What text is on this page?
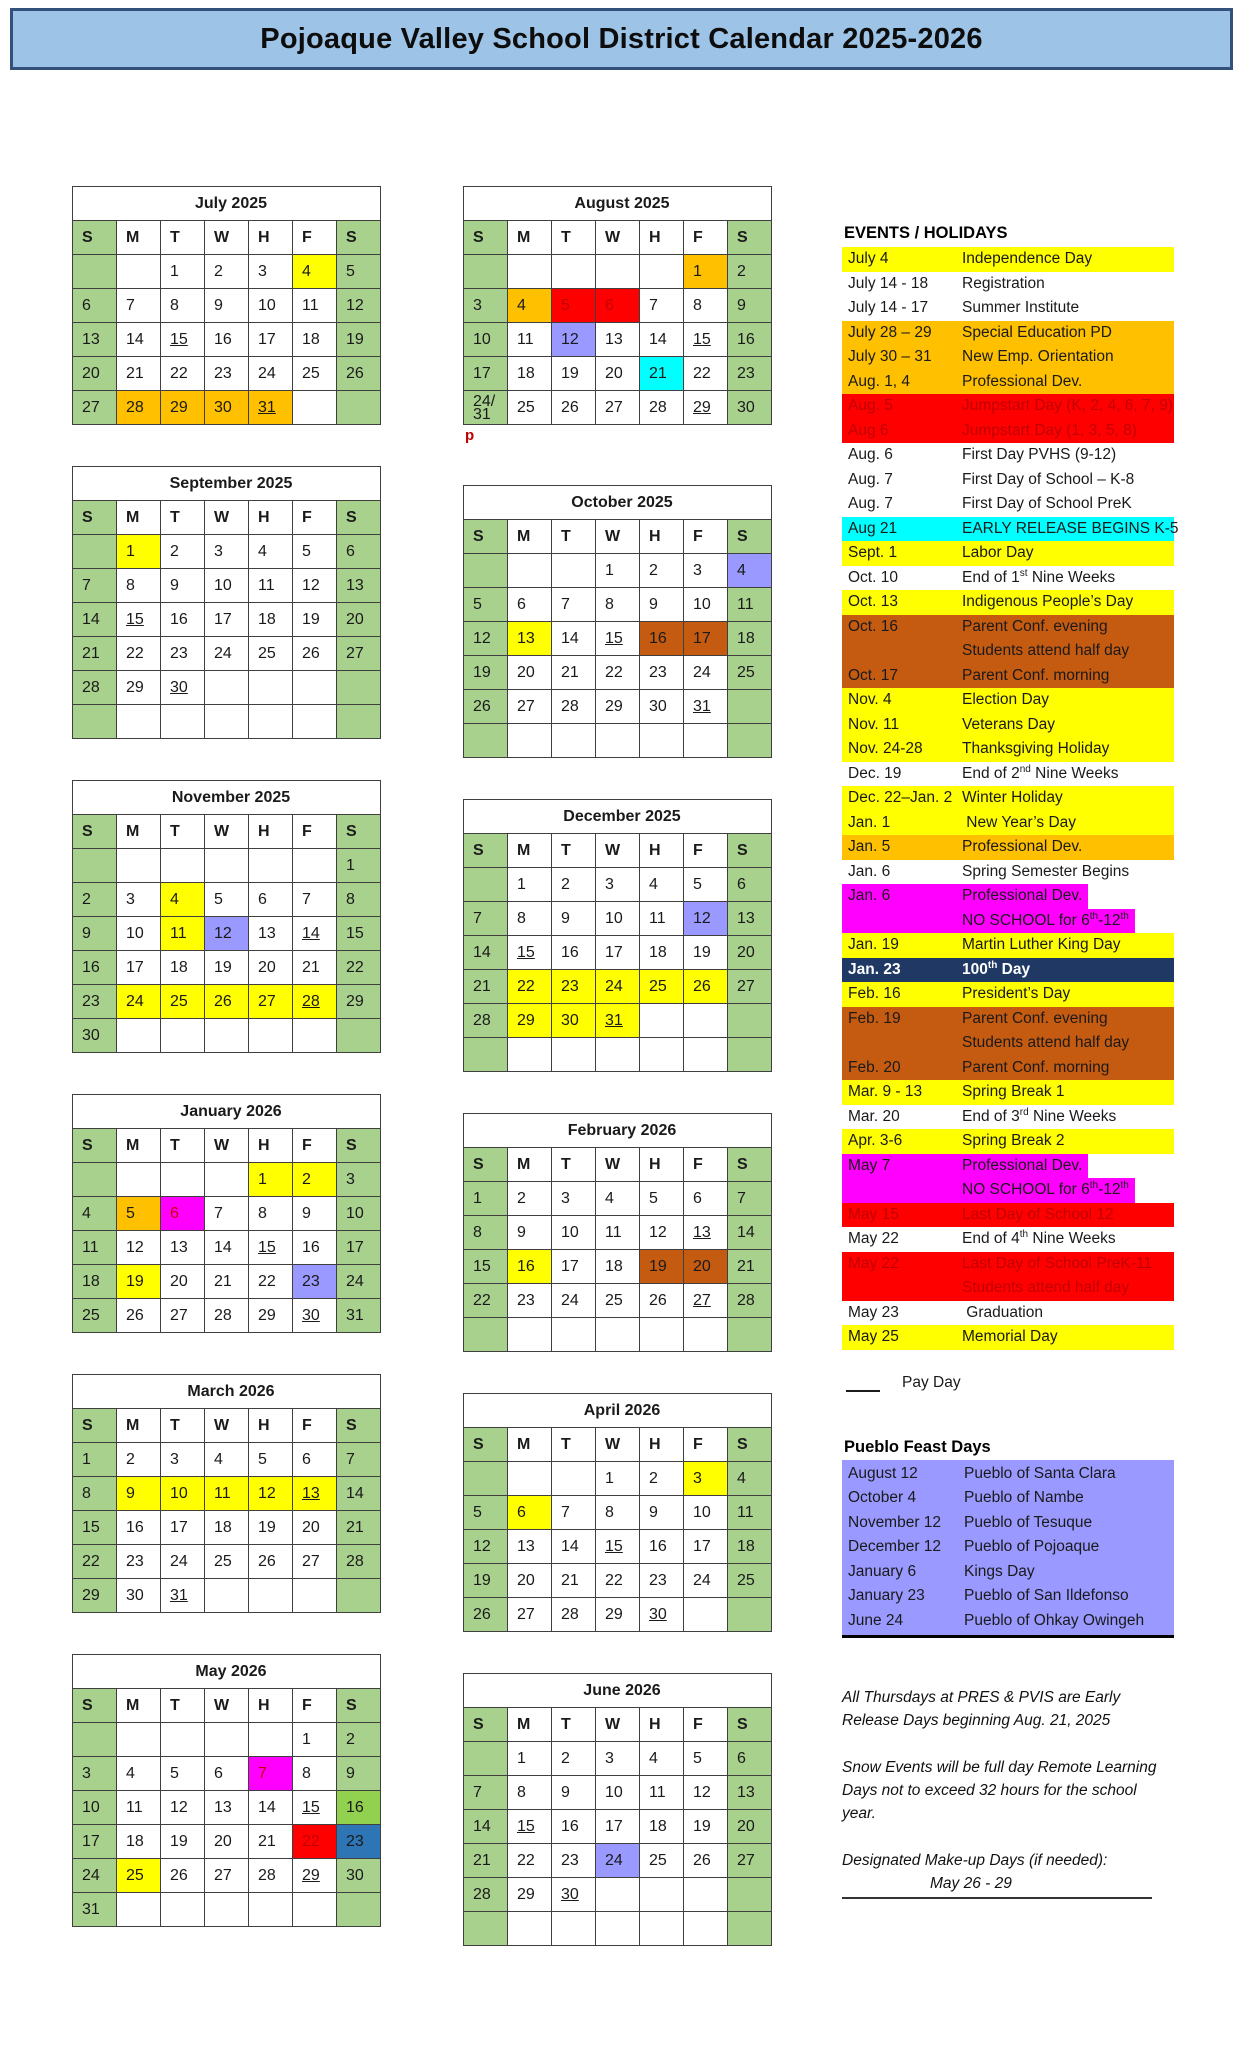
Pojoaque Valley School District Calendar 2025-2026
July 2025						
S	M	T	W	H	F	S
		1	2	3	4	5
6	7	8	9	10	11	12
13	14	15	16	17	18	19
20	21	22	23	24	25	26
27	28	29	30	31		
September 2025						
S	M	T	W	H	F	S
	1	2	3	4	5	6
7	8	9	10	11	12	13
14	15	16	17	18	19	20
21	22	23	24	25	26	27
28	29	30				

November 2025						
S	M	T	W	H	F	S
						1
2	3	4	5	6	7	8
9	10	11	12	13	14	15
16	17	18	19	20	21	22
23	24	25	26	27	28	29
30						
January 2026						
S	M	T	W	H	F	S
				1	2	3
4	5	6	7	8	9	10
11	12	13	14	15	16	17
18	19	20	21	22	23	24
25	26	27	28	29	30	31
March 2026						
S	M	T	W	H	F	S
1	2	3	4	5	6	7
8	9	10	11	12	13	14
15	16	17	18	19	20	21
22	23	24	25	26	27	28
29	30	31				
May 2026						
S	M	T	W	H	F	S
					1	2
3	4	5	6	7	8	9
10	11	12	13	14	15	16
17	18	19	20	21	22	23
24	25	26	27	28	29	30
31						
August 2025						
S	M	T	W	H	F	S
					1	2
3	4	5	6	7	8	9
10	11	12	13	14	15	16
17	18	19	20	21	22	23
24/
31	25	26	27	28	29	30
p
October 2025						
S	M	T	W	H	F	S
			1	2	3	4
5	6	7	8	9	10	11
12	13	14	15	16	17	18
19	20	21	22	23	24	25
26	27	28	29	30	31	

December 2025						
S	M	T	W	H	F	S
	1	2	3	4	5	6
7	8	9	10	11	12	13
14	15	16	17	18	19	20
21	22	23	24	25	26	27
28	29	30	31			

February 2026						
S	M	T	W	H	F	S
1	2	3	4	5	6	7
8	9	10	11	12	13	14
15	16	17	18	19	20	21
22	23	24	25	26	27	28

April 2026						
S	M	T	W	H	F	S
			1	2	3	4
5	6	7	8	9	10	11
12	13	14	15	16	17	18
19	20	21	22	23	24	25
26	27	28	29	30		
June 2026						
S	M	T	W	H	F	S
	1	2	3	4	5	6
7	8	9	10	11	12	13
14	15	16	17	18	19	20
21	22	23	24	25	26	27
28	29	30				

EVENTS / HOLIDAYS
July 4	Independence Day
July 14 - 18	Registration
July 14 - 17	Summer Institute
July 28 – 29	Special Education PD
July 30 – 31	New Emp. Orientation
Aug. 1, 4	Professional Dev.
Aug. 5	Jumpstart Day (K, 2, 4, 6, 7, 9)
Aug 6	Jumpstart Day (1, 3, 5, 8)
Aug. 6	First Day PVHS (9-12)
Aug. 7	First Day of School – K-8
Aug. 7	First Day of School PreK
Aug 21	EARLY RELEASE BEGINS K-5
Sept. 1	Labor Day
Oct. 10	End of 1st Nine Weeks
Oct. 13	Indigenous People’s Day
Oct. 16	Parent Conf. evening
Students attend half day
Oct. 17	Parent Conf. morning
Nov. 4	Election Day
Nov. 11	Veterans Day
Nov. 24-28	Thanksgiving Holiday
Dec. 19	End of 2nd Nine Weeks
Dec. 22–Jan. 2 Winter Holiday
Jan. 1	New Year’s Day
Jan. 5	Professional Dev.
Jan. 6	Spring Semester Begins
Jan. 6	Professional Dev.
NO SCHOOL for 6th-12th
Jan. 19	Martin Luther King Day
Jan. 23	100th Day
Feb. 16	President’s Day
Feb. 19	Parent Conf. evening
Students attend half day
Feb. 20	Parent Conf. morning
Mar. 9 - 13	Spring Break 1
Mar. 20	End of 3rd Nine Weeks
Apr. 3-6	Spring Break 2
May 7	Professional Dev.
NO SCHOOL for 6th-12th
May 15	Last Day of School 12
May 22	End of 4th Nine Weeks
May 22	Last Day of School PreK-11
Students attend half day
May 23	Graduation
May 25	Memorial Day
Pay Day
Pueblo Feast Days
August 12	Pueblo of Santa Clara
October 4	Pueblo of Nambe
November 12	Pueblo of Tesuque
December 12	Pueblo of Pojoaque
January 6	Kings Day
January 23	Pueblo of San Ildefonso
June 24	Pueblo of Ohkay Owingeh

All Thursdays at PRES & PVIS are Early Release Days beginning Aug. 21, 2025

Snow Events will be full day Remote Learning Days not to exceed 32 hours for the school year.

Designated Make-up Days (if needed):
May 26 - 29
